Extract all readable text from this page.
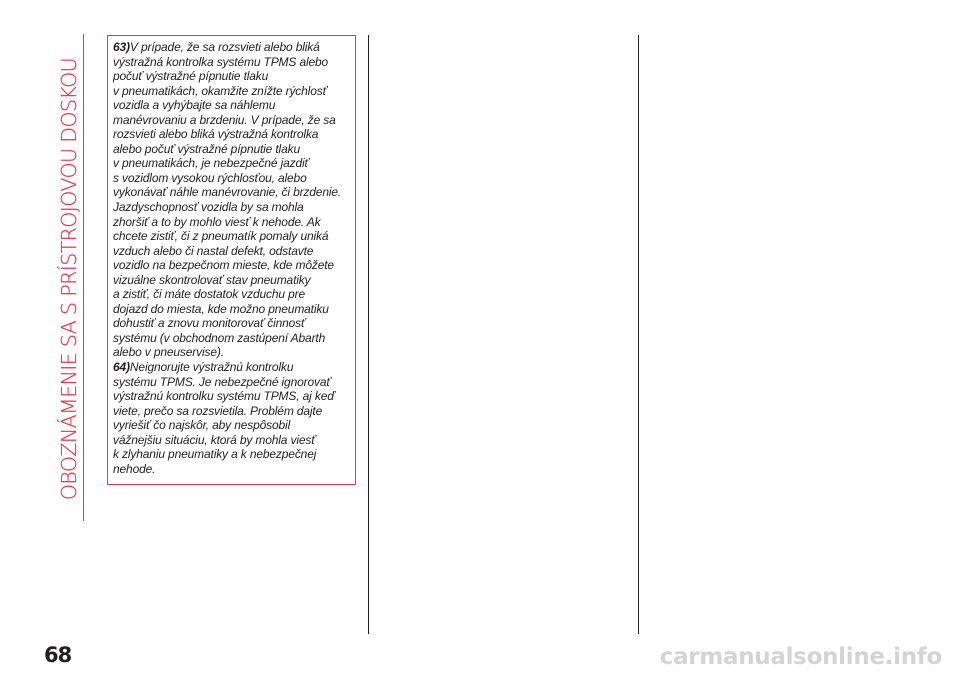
OBOZNÁMENIE SA S PRÍSTROJOVOU DOSKOU
63)V prípade, že sa rozsvieti alebo bliká
výstražná kontrolka systému TPMS alebo
počuť výstražné pípnutie tlaku
v pneumatikách, okamžite znížte rýchlosť
vozidla a vyhýbajte sa náhlemu
manévrovaniu a brzdeniu. V prípade, že sa
rozsvieti alebo bliká výstražná kontrolka
alebo počuť výstražné pípnutie tlaku
v pneumatikách, je nebezpečné jazdiť
s vozidlom vysokou rýchlosťou, alebo
vykonávať náhle manévrovanie, či brzdenie.
Jazdyschopnosť vozidla by sa mohla
zhoršiť a to by mohlo viesť k nehode. Ak
chcete zistiť, či z pneumatík pomaly uniká
vzduch alebo či nastal defekt, odstavte
vozidlo na bezpečnom mieste, kde môžete
vizuálne skontrolovať stav pneumatiky
a zistiť, či máte dostatok vzduchu pre
dojazd do miesta, kde možno pneumatiku
dohustiť a znovu monitorovať činnosť
systému (v obchodnom zastúpení Abarth
alebo v pneuservise).
64)Neignorujte výstražnú kontrolku
systému TPMS. Je nebezpečné ignorovať
výstražnú kontrolku systému TPMS, aj keď
viete, prečo sa rozsvietila. Problém dajte
vyriešiť čo najskôr, aby nespôsobil
vážnejšiu situáciu, ktorá by mohla viesť
k zlyhaniu pneumatiky a k nebezpečnej
nehode.
68	carmanualsonline.info
